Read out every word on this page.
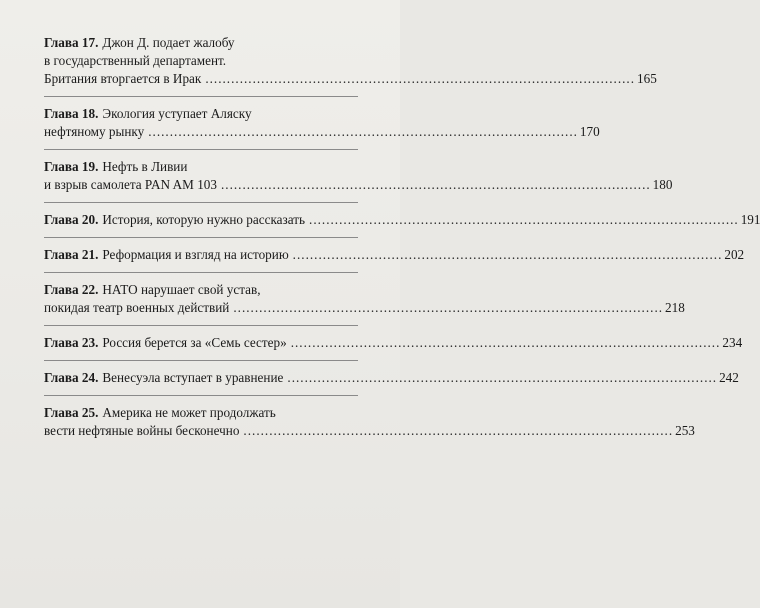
Глава 17. Джон Д. подает жалобу
в государственный департамент.
Британия вторгается в Ирак .................................................................................................... 165
Глава 18. Экология уступает Аляску
нефтяному рынку .................................................................................................... 170
Глава 19. Нефть в Ливии
и взрыв самолета PAN AM 103 .................................................................................................... 180
Глава 20. История, которую нужно рассказать .................................................................................................... 191
Глава 21. Реформация и взгляд на историю .................................................................................................... 202
Глава 22. НАТО нарушает свой устав,
покидая театр военных действий .................................................................................................... 218
Глава 23. Россия берется за «Семь сестер» .................................................................................................... 234
Глава 24. Венесуэла вступает в уравнение .................................................................................................... 242
Глава 25. Америка не может продолжать
вести нефтяные войны бесконечно .................................................................................................... 253
